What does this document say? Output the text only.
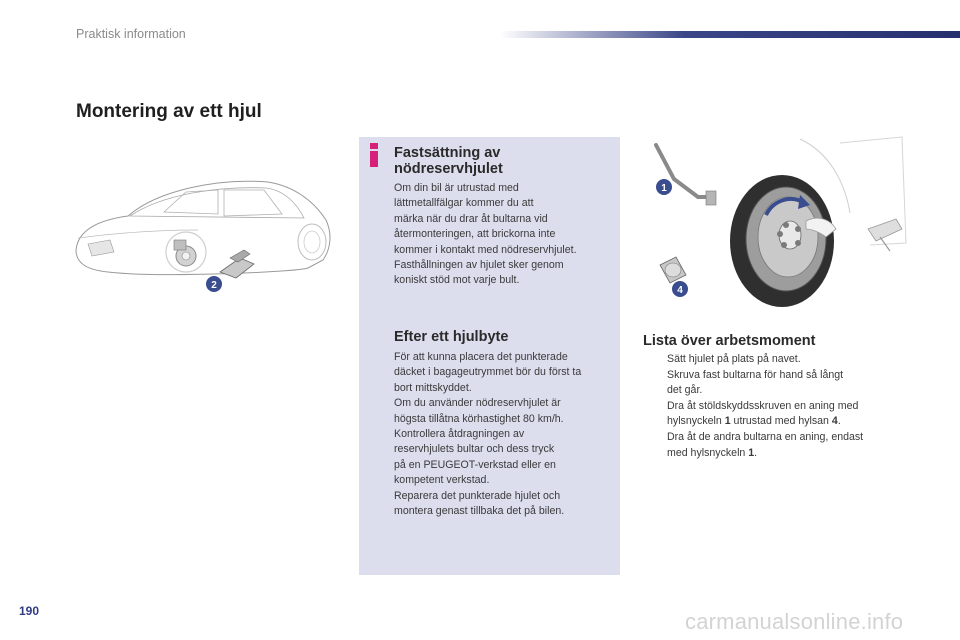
Praktisk information
Montering av ett hjul
2
Fastsättning av
nödreservhjulet

Om din bil är utrustad med

lättmetallfälgar kommer du att

märka när du drar åt bultarna vid

återmonteringen, att brickorna inte

kommer i kontakt med nödreservhjulet.

Fasthållningen av hjulet sker genom

koniskt stöd mot varje bult.

Efter ett hjulbyte

För att kunna placera det punkterade

däcket i bagageutrymmet bör du först ta

bort mittskyddet.

Om du använder nödreservhjulet är

högsta tillåtna körhastighet 80 km/h.

Kontrollera åtdragningen av

reservhjulets bultar och dess tryck

på en PEUGEOT-verkstad eller en

kompetent verkstad.

Reparera det punkterade hjulet och

montera genast tillbaka det på bilen.

1
4
Lista över arbetsmoment
Sätt hjulet på plats på navet.
Skruva fast bultarna för hand så långt
det går.
Dra åt stöldskyddsskruven en aning med
hylsnyckeln 1 utrustad med hylsan 4.
Dra åt de andra bultarna en aning, endast
med hylsnyckeln 1.
190	carmanualsonline.info
